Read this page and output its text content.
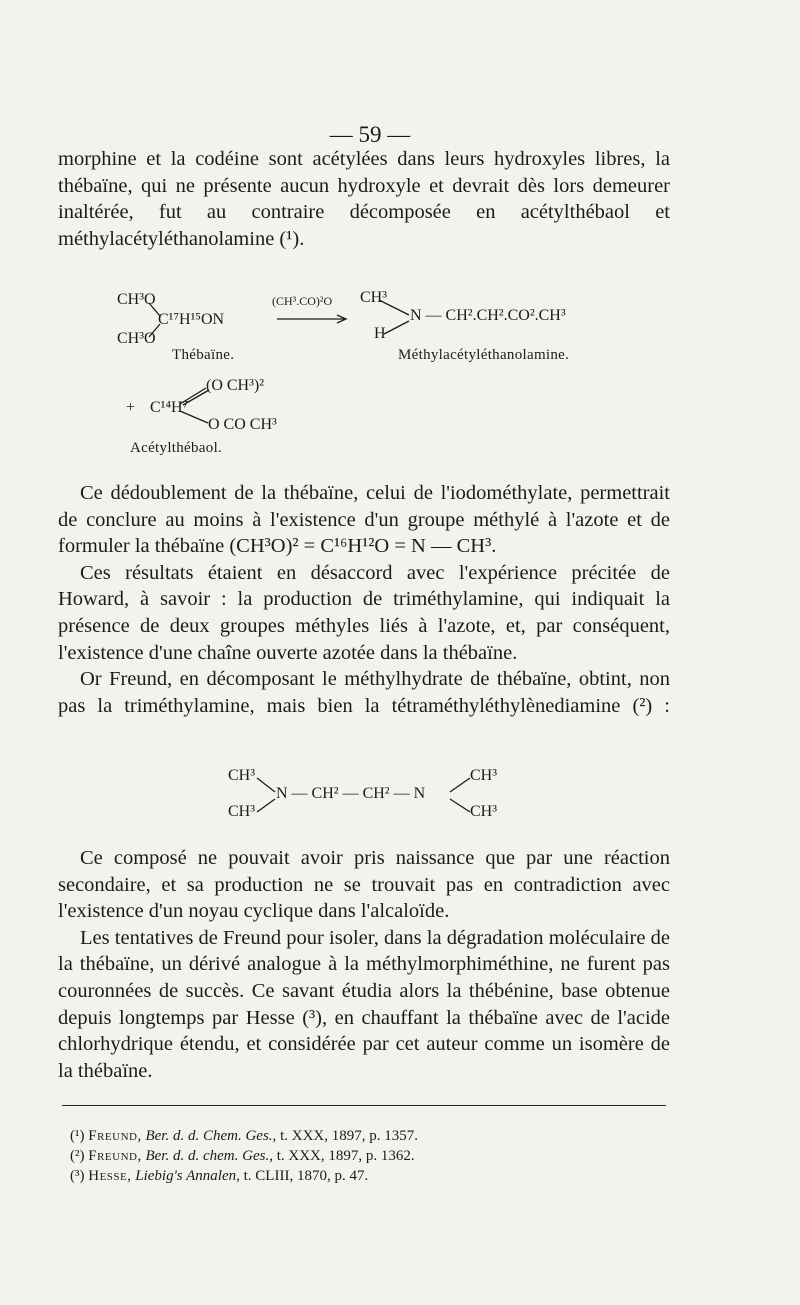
— 59 —

morphine et la codéine sont acétylées dans leurs hydroxyles libres, la thébaïne, qui ne présente aucun hydroxyle et devrait dès lors demeurer inaltérée, fut au contraire décomposée en acétylthébaol et méthylacétyléthanolamine (¹).

CH³O
CH³O
C¹⁷H¹⁵ON
(CH³.CO)²O CH³
H
N — CH².CH².CO².CH³
Thébaïne.	Méthylacétyléthanolamine.
+ C¹⁴H⁷
(O CH³)²
O CO CH³
Acétylthébaol.

Ce dédoublement de la thébaïne, celui de l'iodométhylate, permettrait de conclure au moins à l'existence d'un groupe méthylé à l'azote et de formuler la thébaïne (CH³O)² = C¹⁶H¹²O = N — CH³.

Ces résultats étaient en désaccord avec l'expérience précitée de Howard, à savoir : la production de triméthylamine, qui indiquait la présence de deux groupes méthyles liés à l'azote, et, par conséquent, l'existence d'une chaîne ouverte azotée dans la thébaïne.

Or Freund, en décomposant le méthylhydrate de thébaïne, obtint, non pas la triméthylamine, mais bien la tétraméthyléthylènediamine (²) :

CH³
CH³
N — CH² — CH² — N
CH³
CH³

Ce composé ne pouvait avoir pris naissance que par une réaction secondaire, et sa production ne se trouvait pas en contradiction avec l'existence d'un noyau cyclique dans l'alcaloïde.

Les tentatives de Freund pour isoler, dans la dégradation moléculaire de la thébaïne, un dérivé analogue à la méthylmorphiméthine, ne furent pas couronnées de succès. Ce savant étudia alors la thébénine, base obtenue depuis longtemps par Hesse (³), en chauffant la thébaïne avec de l'acide chlorhydrique étendu, et considérée par cet auteur comme un isomère de la thébaïne.

(¹) Freund, Ber. d. d. Chem. Ges., t. XXX, 1897, p. 1357.
(²) Freund, Ber. d. d. chem. Ges., t. XXX, 1897, p. 1362.
(³) Hesse, Liebig's Annalen, t. CLIII, 1870, p. 47.
